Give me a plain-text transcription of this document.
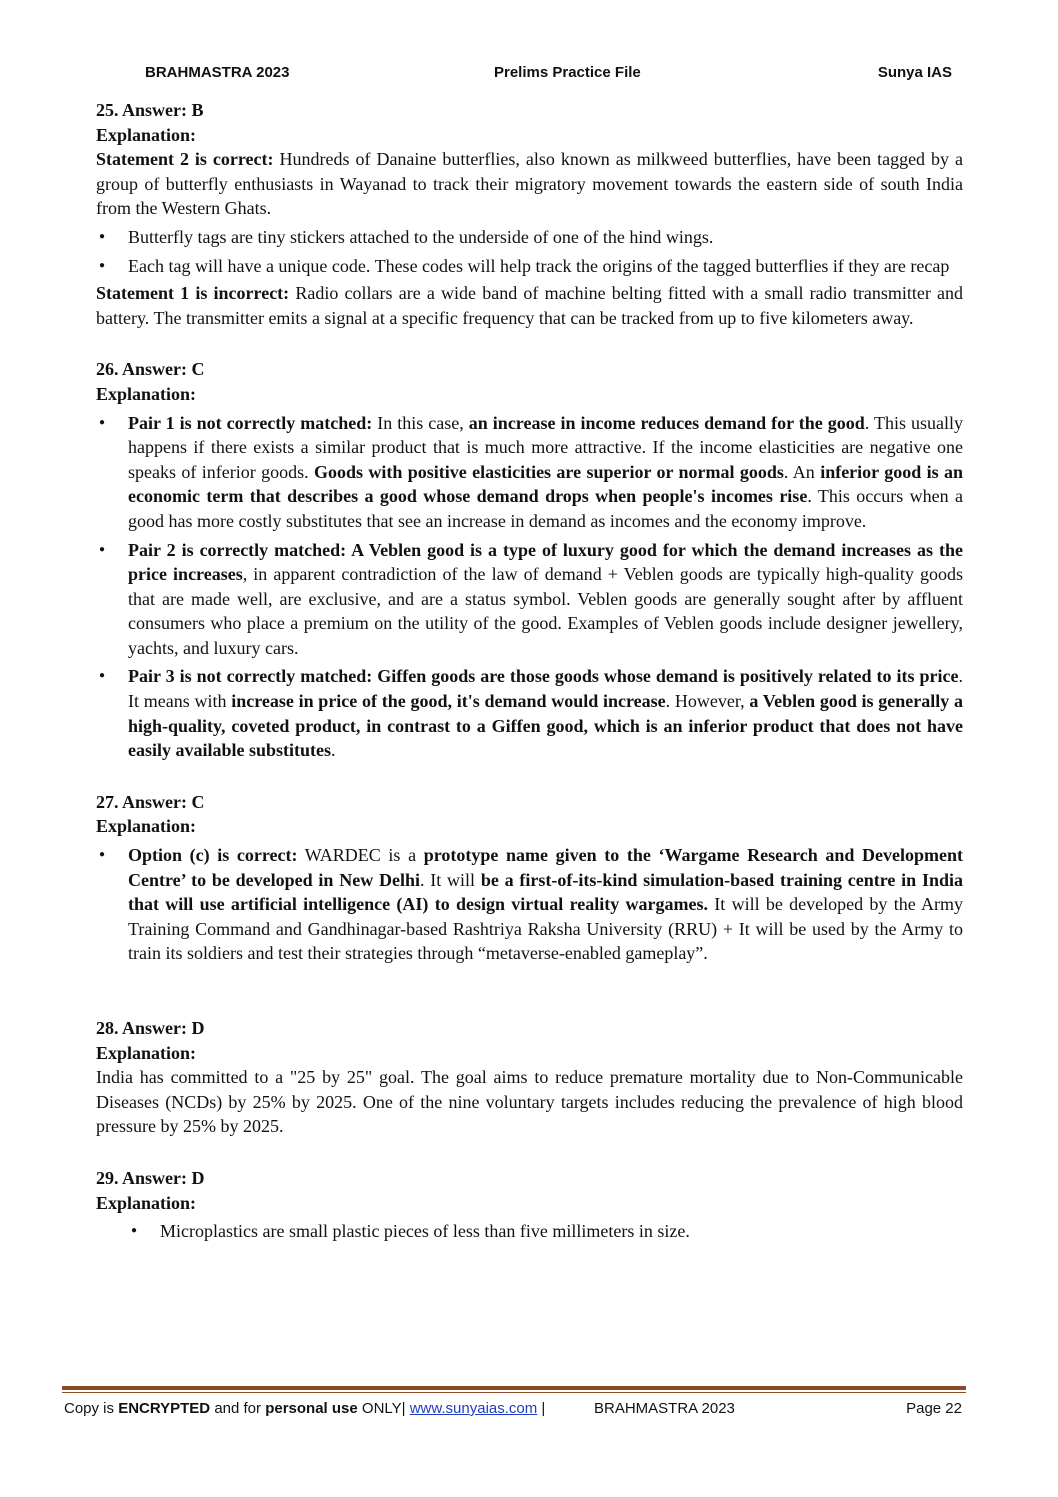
BRAHMASTRA 2023	Prelims Practice File	Sunya IAS

25. Answer: B

Explanation:

Statement 2 is correct: Hundreds of Danaine butterflies, also known as milkweed butterflies, have been tagged by a group of butterfly enthusiasts in Wayanad to track their migratory movement towards the eastern side of south India from the Western Ghats.

● Butterfly tags are tiny stickers attached to the underside of one of the hind wings.
● Each tag will have a unique code. These codes will help track the origins of the tagged butterflies if they are recap

Statement 1 is incorrect: Radio collars are a wide band of machine belting fitted with a small radio transmitter and battery. The transmitter emits a signal at a specific frequency that can be tracked from up to five kilometers away.

26. Answer: C

Explanation:

● Pair 1 is not correctly matched: In this case, an increase in income reduces demand for the good. This usually happens if there exists a similar product that is much more attractive. If the income elasticities are negative one speaks of inferior goods. Goods with positive elasticities are superior or normal goods. An inferior good is an economic term that describes a good whose demand drops when people's incomes rise. This occurs when a good has more costly substitutes that see an increase in demand as incomes and the economy improve.
● Pair 2 is correctly matched: A Veblen good is a type of luxury good for which the demand increases as the price increases, in apparent contradiction of the law of demand + Veblen goods are typically high-quality goods that are made well, are exclusive, and are a status symbol. Veblen goods are generally sought after by affluent consumers who place a premium on the utility of the good. Examples of Veblen goods include designer jewellery, yachts, and luxury cars.
● Pair 3 is not correctly matched: Giffen goods are those goods whose demand is positively related to its price. It means with increase in price of the good, it's demand would increase. However, a Veblen good is generally a high-quality, coveted product, in contrast to a Giffen good, which is an inferior product that does not have easily available substitutes.

27. Answer: C

Explanation:

● Option (c) is correct: WARDEC is a prototype name given to the ‘Wargame Research and Development Centre’ to be developed in New Delhi. It will be a first-of-its-kind simulation-based training centre in India that will use artificial intelligence (AI) to design virtual reality wargames. It will be developed by the Army Training Command and Gandhinagar-based Rashtriya Raksha University (RRU) + It will be used by the Army to train its soldiers and test their strategies through “metaverse-enabled gameplay”.

28. Answer: D

Explanation:

India has committed to a "25 by 25" goal. The goal aims to reduce premature mortality due to Non-Communicable Diseases (NCDs) by 25% by 2025. One of the nine voluntary targets includes reducing the prevalence of high blood pressure by 25% by 2025.

29. Answer: D

Explanation:

● Microplastics are small plastic pieces of less than five millimeters in size.
Copy is ENCRYPTED and for personal use ONLY| www.sunyaias.com |	BRAHMASTRA 2023	Page 22
